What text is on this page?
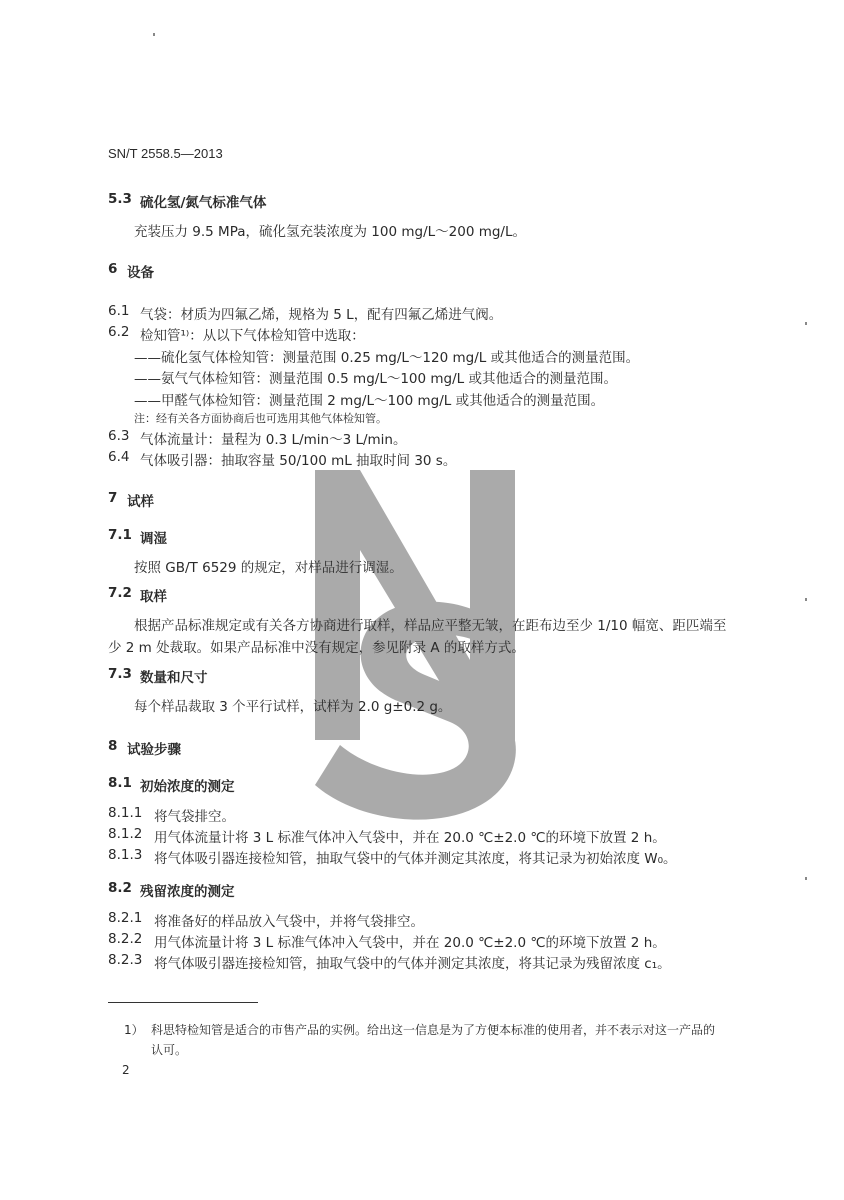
SN/T 2558.5—2013
5.3 硫化氢/氮气标准气体
充装压力 9.5 MPa，硫化氢充装浓度为 100 mg/L～200 mg/L。
6 设备
6.1 气袋：材质为四氟乙烯，规格为 5 L，配有四氟乙烯进气阀。
6.2 检知管¹⁾：从以下气体检知管中选取：
——硫化氢气体检知管：测量范围 0.25 mg/L～120 mg/L 或其他适合的测量范围。
——氨气气体检知管：测量范围 0.5 mg/L～100 mg/L 或其他适合的测量范围。
——甲醛气体检知管：测量范围 2 mg/L～100 mg/L 或其他适合的测量范围。
注：经有关各方面协商后也可选用其他气体检知管。
6.3 气体流量计：量程为 0.3 L/min～3 L/min。
6.4 气体吸引器：抽取容量 50/100 mL 抽取时间 30 s。
7 试样
7.1 调湿
按照 GB/T 6529 的规定，对样品进行调湿。
7.2 取样
根据产品标准规定或有关各方协商进行取样，样品应平整无皱，在距布边至少 1/10 幅宽、距匹端至
少 2 m 处裁取。如果产品标准中没有规定，参见附录 A 的取样方式。
7.3 数量和尺寸
每个样品裁取 3 个平行试样，试样为 2.0 g±0.2 g。
8 试验步骤
8.1 初始浓度的测定
8.1.1 将气袋排空。
8.1.2 用气体流量计将 3 L 标准气体冲入气袋中，并在 20.0 ℃±2.0 ℃的环境下放置 2 h。
8.1.3 将气体吸引器连接检知管，抽取气袋中的气体并测定其浓度，将其记录为初始浓度 W₀。
8.2 残留浓度的测定
8.2.1 将准备好的样品放入气袋中，并将气袋排空。
8.2.2 用气体流量计将 3 L 标准气体冲入气袋中，并在 20.0 ℃±2.0 ℃的环境下放置 2 h。
8.2.3 将气体吸引器连接检知管，抽取气袋中的气体并测定其浓度，将其记录为残留浓度 c₁。
1） 科思特检知管是适合的市售产品的实例。给出这一信息是为了方便本标准的使用者，并不表示对这一产品的
认可。
2
